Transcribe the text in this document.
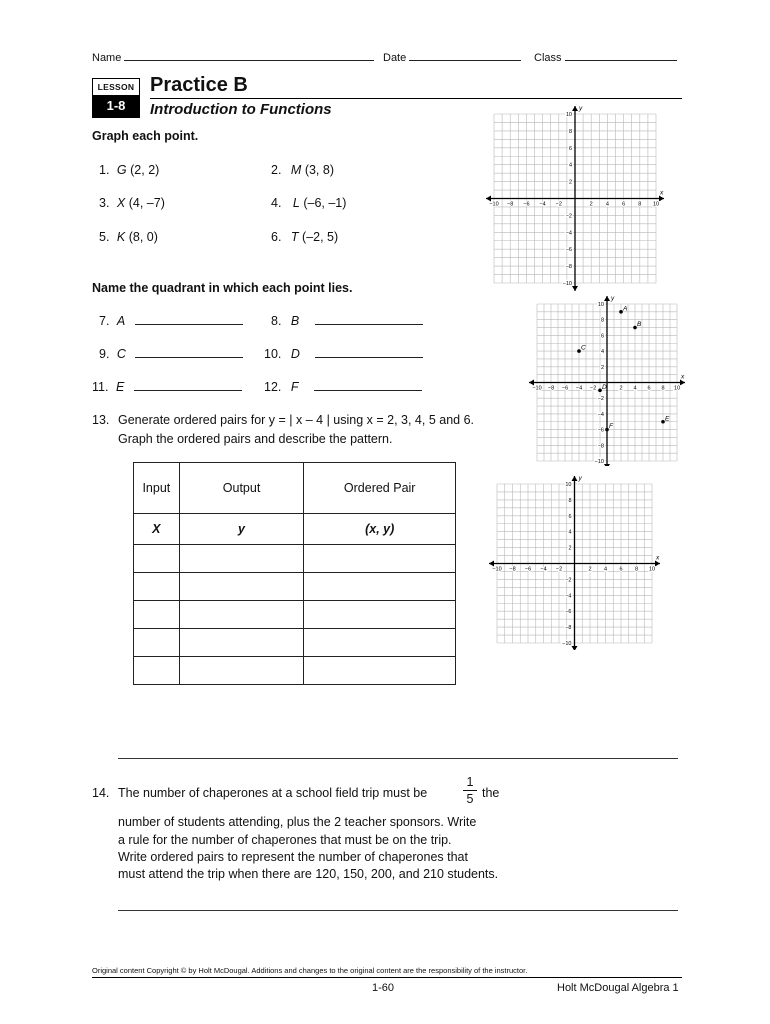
Name	Date	Class
LESSON
1-8
Practice B
Introduction to Functions
Graph each point.
1. G (2, 2)	2. M (3, 8)
3. X (4, –7)	4. L (–6, –1)
5. K (8, 0)	6. T (–2, 5)
Name the quadrant in which each point lies.
7. A	8. B
9. C	10. D
11. E	12. F
13. Generate ordered pairs for y = | x – 4 | using x = 2, 3, 4, 5 and 6.
Graph the ordered pairs and describe the pattern.
Input	Output	Ordered Pair
X	y	(x, y)

14. The number of chaperones at a school field trip must be
1
5 the
number of students attending, plus the 2 teacher sponsors. Write
a rule for the number of chaperones that must be on the trip.
Write ordered pairs to represent the number of chaperones that
must attend the trip when there are 120, 150, 200, and 210 students.
Original content Copyright © by Holt McDougal. Additions and changes to the original content are the responsibility of the instructor.
1-60	Holt McDougal Algebra 1
x
y
−10 −8 −6 −4 −2	2 4 6 8 10
10
8
6
4
2
−2
−4
−6
−8
−10
x
y
−10 −8 −6 −4 −2	2 4 6 8 10
10
8
6
4
2
−2
−4
−6
−8
−10
A
B
C
D
E
F
x
y
−10 −8 −6 −4 −2	2 4 6 8 10
10
8
6
4
2
−2
−4
−6
−8
−10
